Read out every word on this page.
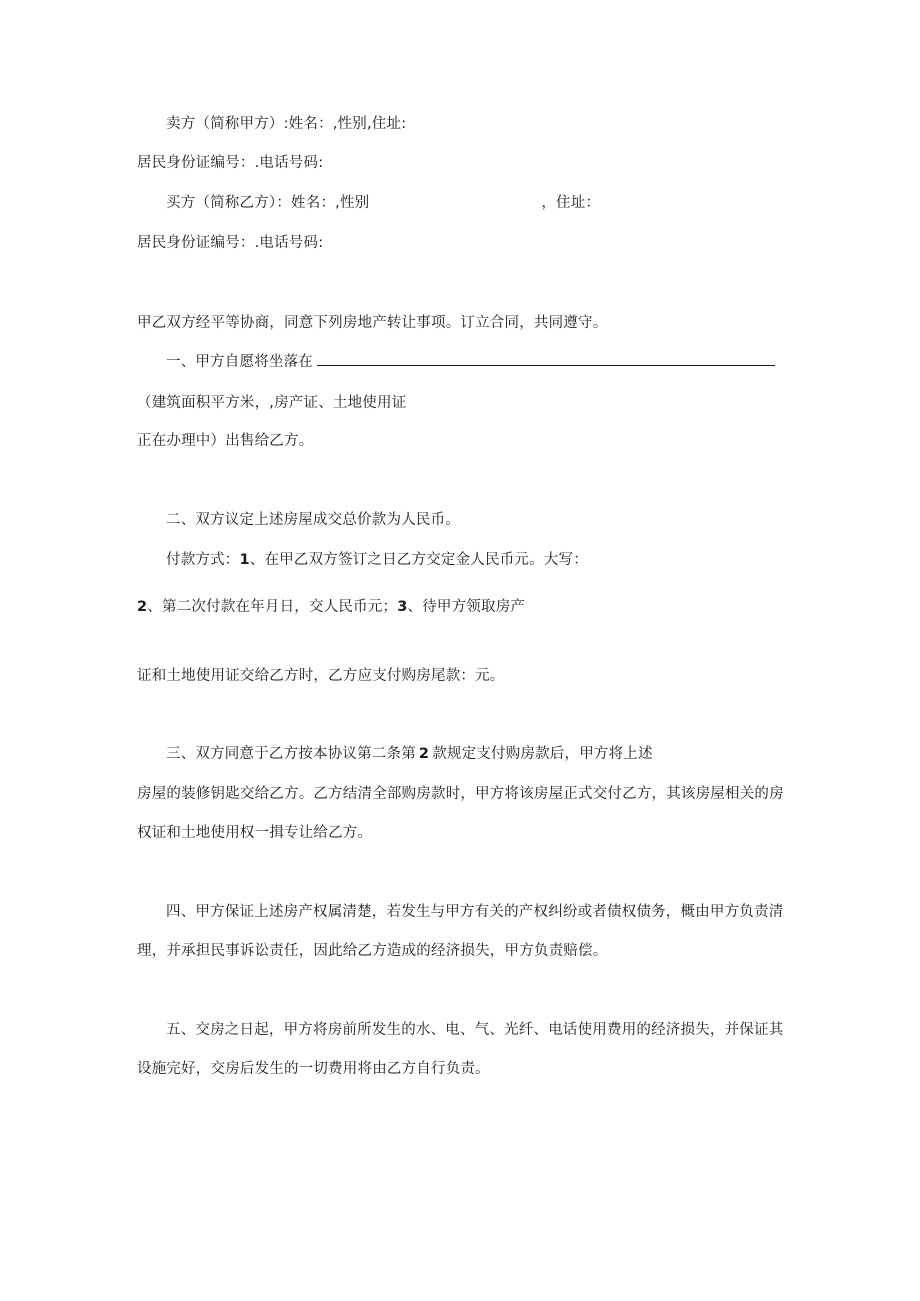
卖方（简称甲方）:姓名：,性别,住址:
居民身份证编号：.电话号码:
买方（简称乙方）：姓名：,性别	，住址：
居民身份证编号：.电话号码:
甲乙双方经平等协商，同意下列房地产转让事项。订立合同，共同遵守。
一、甲方自愿将坐落在
（建筑面积平方米，,房产证、土地使用证
正在办理中）出售给乙方。
二、双方议定上述房屋成交总价款为人民币。
付款方式：1、在甲乙双方签订之日乙方交定金人民币元。大写：
2、第二次付款在年月日，交人民币元；3、待甲方领取房产
证和土地使用证交给乙方时，乙方应支付购房尾款：元。
三、双方同意于乙方按本协议第二条第 2 款规定支付购房款后，甲方将上述
房屋的装修钥匙交给乙方。乙方结清全部购房款时，甲方将该房屋正式交付乙方，其该房屋相关的房
权证和土地使用权一揖专让给乙方。
四、甲方保证上述房产权属清楚，若发生与甲方有关的产权纠纷或者债权债务，概由甲方负责清
理，并承担民事诉讼责任，因此给乙方造成的经济损失，甲方负责赔偿。
五、交房之日起，甲方将房前所发生的水、电、气、光纤、电话使用费用的经济损失，并保证其
设施完好，交房后发生的一切费用将由乙方自行负责。
